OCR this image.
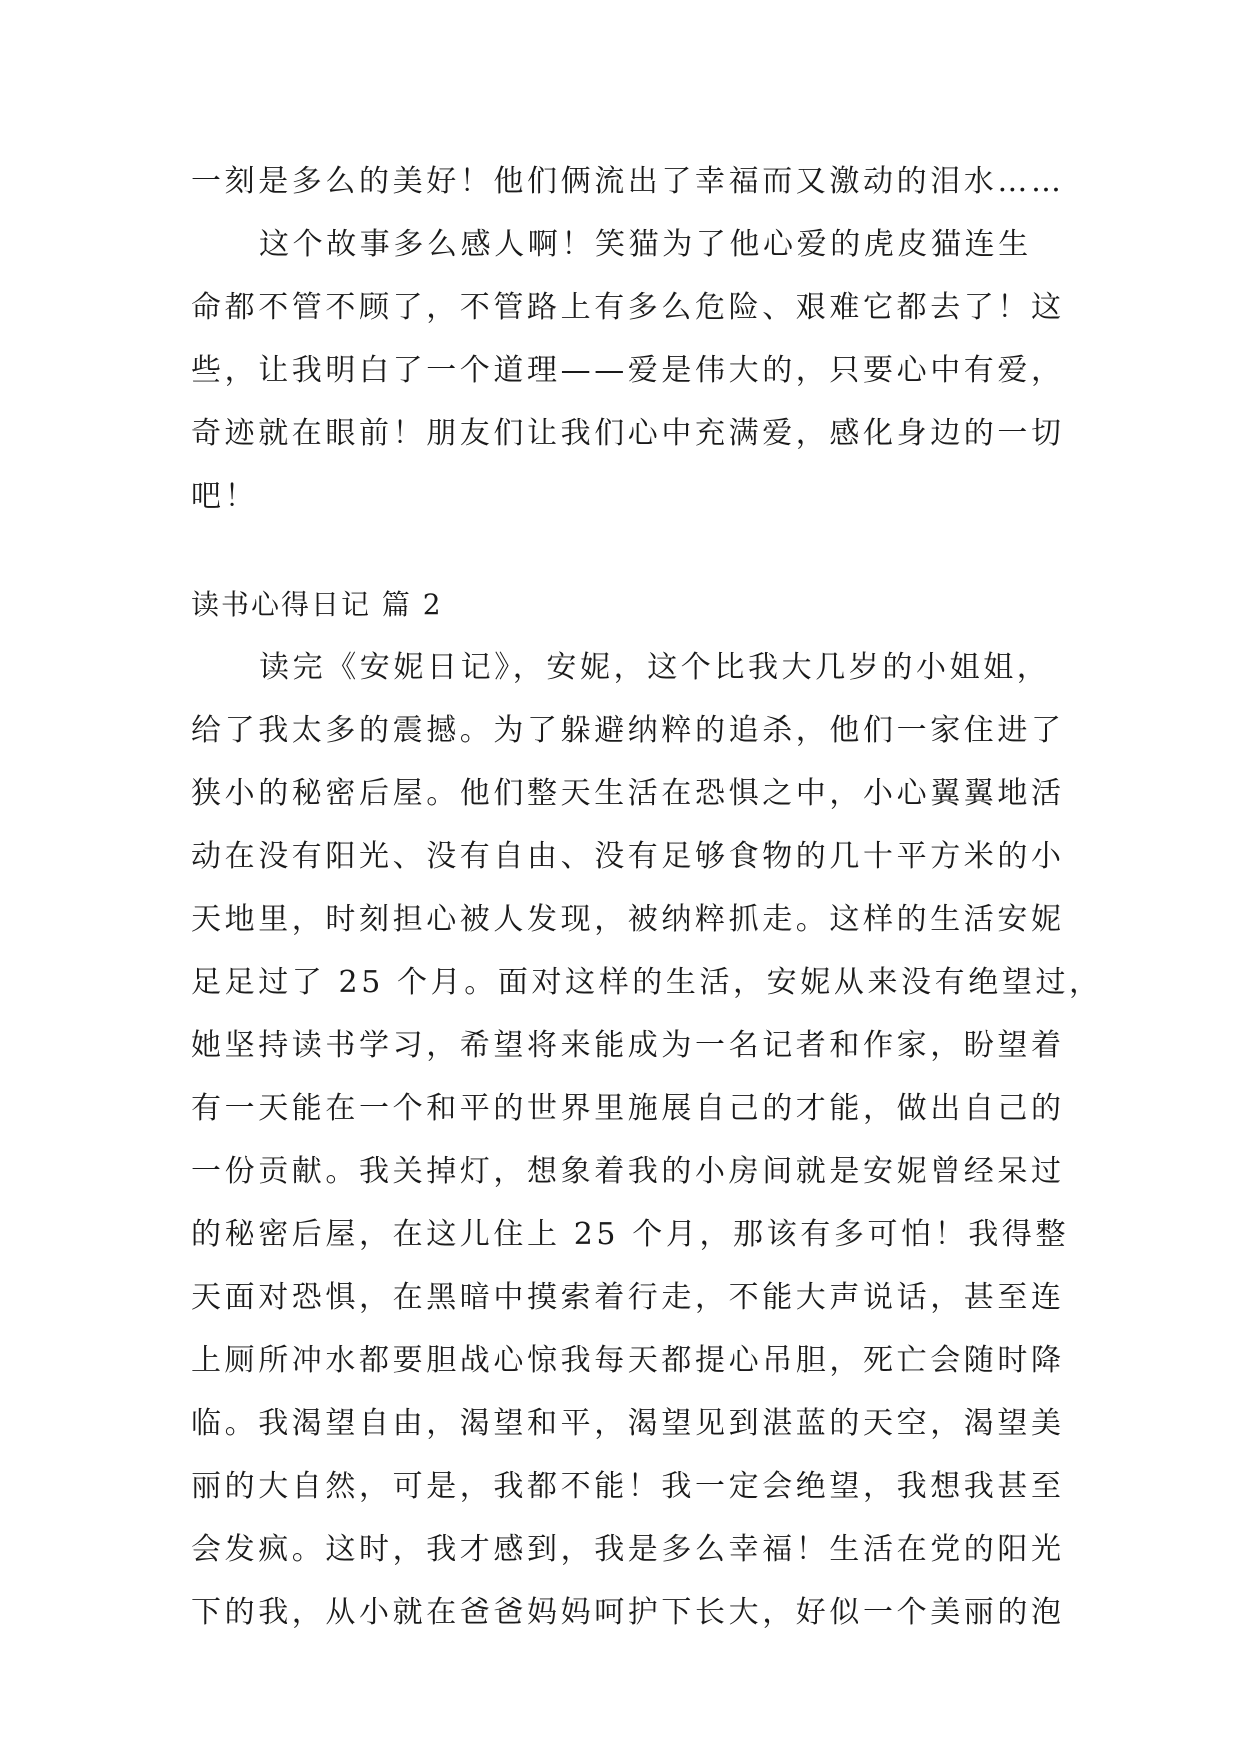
一刻是多么的美好！他们俩流出了幸福而又激动的泪水……
这个故事多么感人啊！笑猫为了他心爱的虎皮猫连生
命都不管不顾了，不管路上有多么危险、艰难它都去了！这
些，让我明白了一个道理——爱是伟大的，只要心中有爱，
奇迹就在眼前！朋友们让我们心中充满爱，感化身边的一切
吧！
读书心得日记 篇 2
读完《安妮日记》，安妮，这个比我大几岁的小姐姐，
给了我太多的震撼。为了躲避纳粹的追杀，他们一家住进了
狭小的秘密后屋。他们整天生活在恐惧之中，小心翼翼地活
动在没有阳光、没有自由、没有足够食物的几十平方米的小
天地里，时刻担心被人发现，被纳粹抓走。这样的生活安妮
足足过了 25 个月。面对这样的生活，安妮从来没有绝望过，
她坚持读书学习，希望将来能成为一名记者和作家，盼望着
有一天能在一个和平的世界里施展自己的才能，做出自己的
一份贡献。我关掉灯，想象着我的小房间就是安妮曾经呆过
的秘密后屋，在这儿住上 25 个月，那该有多可怕！我得整
天面对恐惧，在黑暗中摸索着行走，不能大声说话，甚至连
上厕所冲水都要胆战心惊我每天都提心吊胆，死亡会随时降
临。我渴望自由，渴望和平，渴望见到湛蓝的天空，渴望美
丽的大自然，可是，我都不能！我一定会绝望，我想我甚至
会发疯。这时，我才感到，我是多么幸福！生活在党的阳光
下的我，从小就在爸爸妈妈呵护下长大，好似一个美丽的泡
